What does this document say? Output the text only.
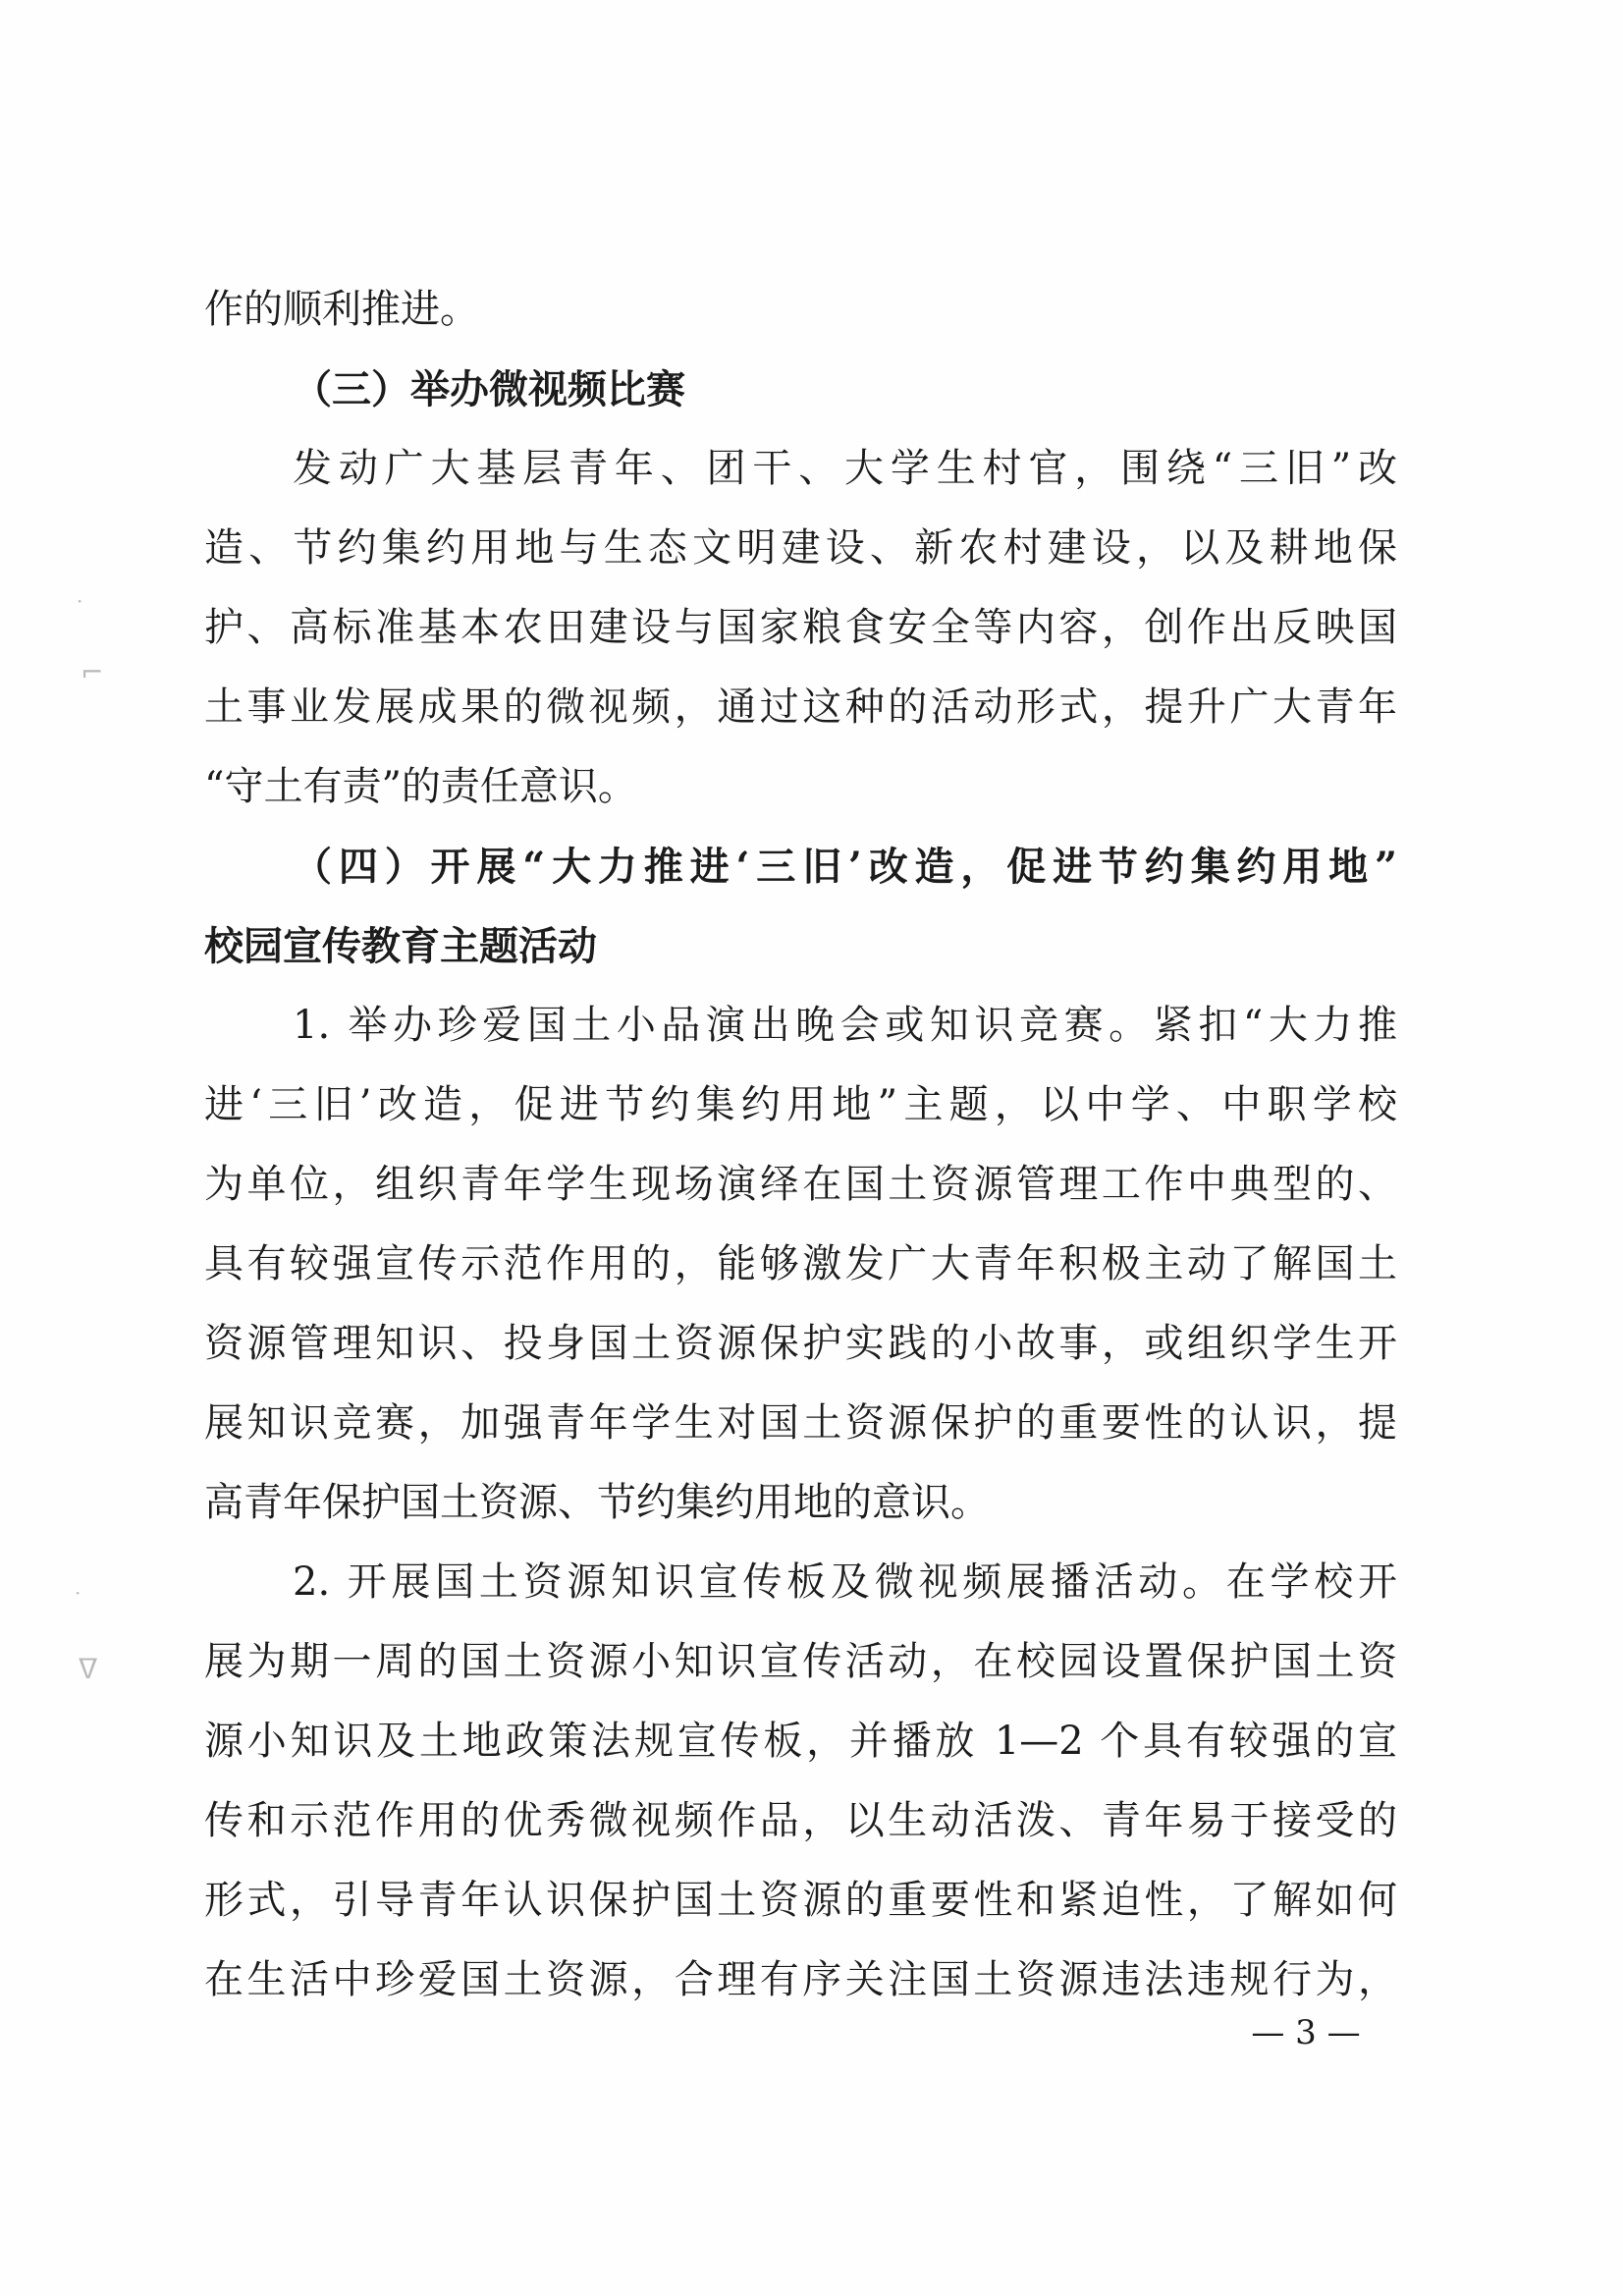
·
⌐
·
ᐁ
作的顺利推进。
（三）举办微视频比赛
发动广大基层青年、团干、大学生村官，围绕“三旧”改
造、节约集约用地与生态文明建设、新农村建设，以及耕地保
护、高标准基本农田建设与国家粮食安全等内容，创作出反映国
土事业发展成果的微视频，通过这种的活动形式，提升广大青年
“守土有责”的责任意识。
（四）开展“大力推进‘三旧’改造，促进节约集约用地”
校园宣传教育主题活动
1. 举办珍爱国土小品演出晚会或知识竞赛。紧扣“大力推
进‘三旧’改造，促进节约集约用地”主题，以中学、中职学校
为单位，组织青年学生现场演绎在国土资源管理工作中典型的、
具有较强宣传示范作用的，能够激发广大青年积极主动了解国土
资源管理知识、投身国土资源保护实践的小故事，或组织学生开
展知识竞赛，加强青年学生对国土资源保护的重要性的认识，提
高青年保护国土资源、节约集约用地的意识。
2. 开展国土资源知识宣传板及微视频展播活动。在学校开
展为期一周的国土资源小知识宣传活动，在校园设置保护国土资
源小知识及土地政策法规宣传板，并播放 1—2 个具有较强的宣
传和示范作用的优秀微视频作品，以生动活泼、青年易于接受的
形式，引导青年认识保护国土资源的重要性和紧迫性，了解如何
在生活中珍爱国土资源，合理有序关注国土资源违法违规行为，
— 3 —
